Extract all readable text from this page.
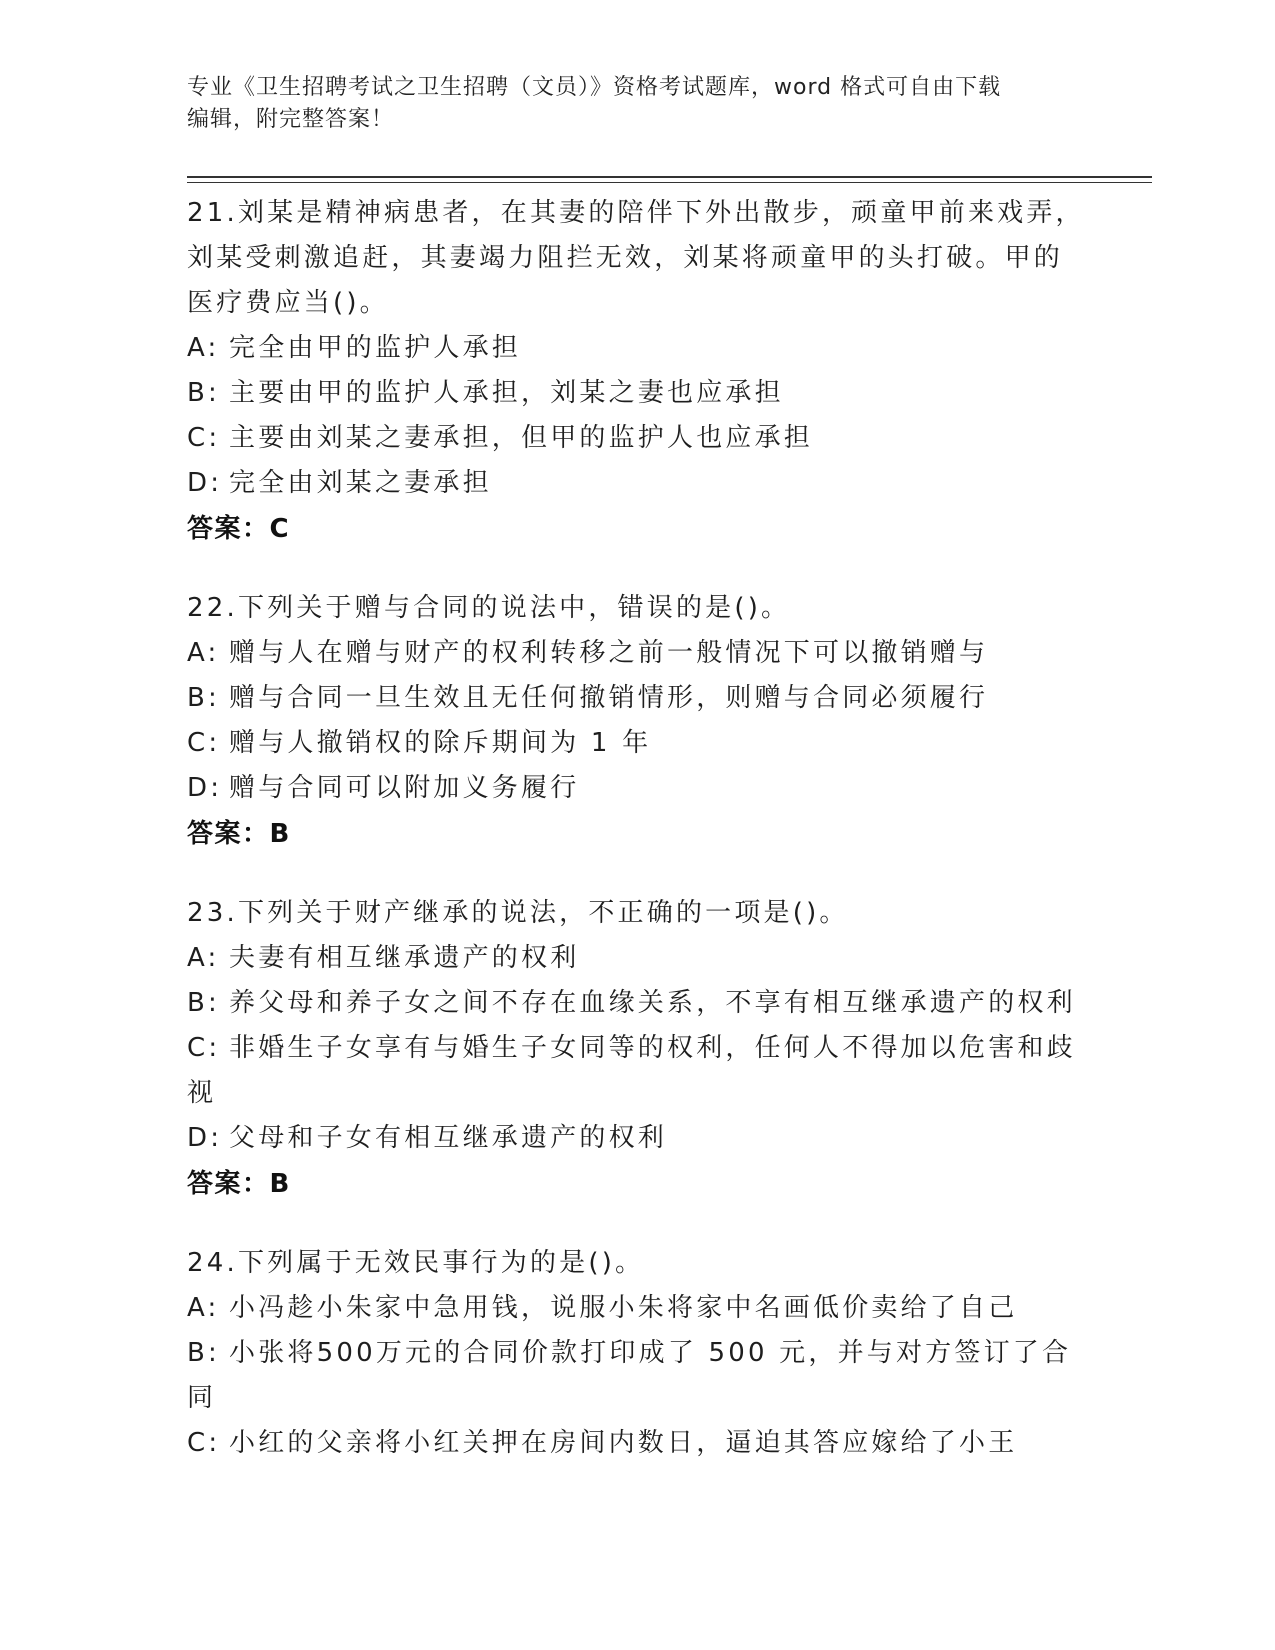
专业《卫生招聘考试之卫生招聘（文员）》资格考试题库，word 格式可自由下载
编辑，附完整答案！
21.刘某是精神病患者，在其妻的陪伴下外出散步，顽童甲前来戏弄，
刘某受刺激追赶，其妻竭力阻拦无效，刘某将顽童甲的头打破。甲的
医疗费应当()。
A: 完全由甲的监护人承担
B: 主要由甲的监护人承担，刘某之妻也应承担
C: 主要由刘某之妻承担，但甲的监护人也应承担
D: 完全由刘某之妻承担
答案：C
22.下列关于赠与合同的说法中，错误的是()。
A: 赠与人在赠与财产的权利转移之前一般情况下可以撤销赠与
B: 赠与合同一旦生效且无任何撤销情形，则赠与合同必须履行
C: 赠与人撤销权的除斥期间为 1 年
D: 赠与合同可以附加义务履行
答案：B
23.下列关于财产继承的说法，不正确的一项是()。
A: 夫妻有相互继承遗产的权利
B: 养父母和养子女之间不存在血缘关系，不享有相互继承遗产的权利
C: 非婚生子女享有与婚生子女同等的权利，任何人不得加以危害和歧
视
D: 父母和子女有相互继承遗产的权利
答案：B
24.下列属于无效民事行为的是()。
A: 小冯趁小朱家中急用钱，说服小朱将家中名画低价卖给了自己
B: 小张将500万元的合同价款打印成了 500 元，并与对方签订了合同
C: 小红的父亲将小红关押在房间内数日，逼迫其答应嫁给了小王
